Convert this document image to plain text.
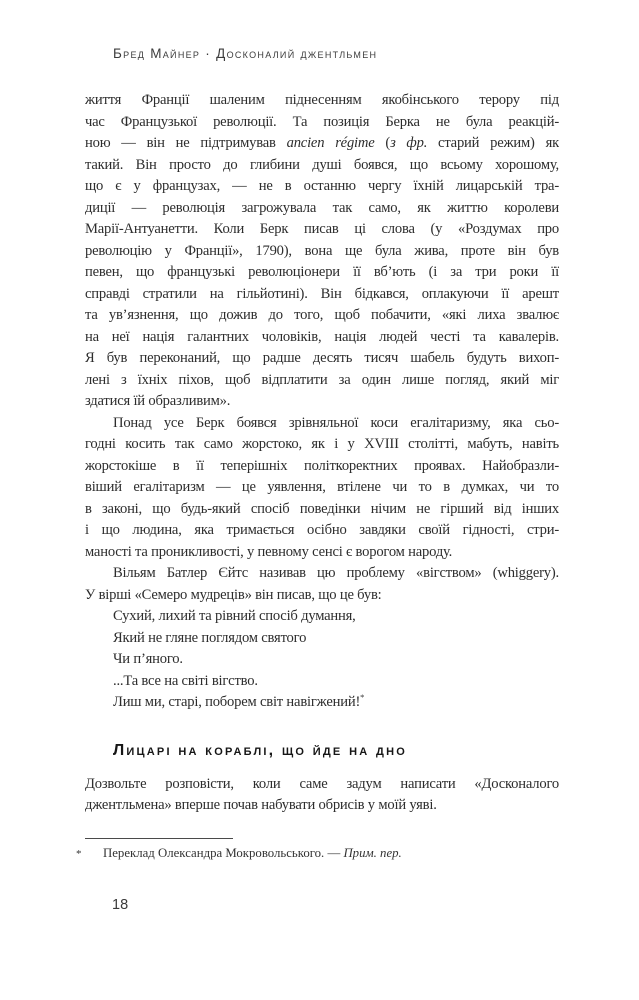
Бред Майнер · Досконалий джентльмен
життя Франції шаленим піднесенням якобінського терору під
час Французької революції. Та позиція Берка не була реакцій-
ною — він не підтримував ancien régime (з фр. старий режим) як
такий. Він просто до глибини душі боявся, що всьому хорошому,
що є у французах, — не в останню чергу їхній лицарській тра-
диції — революція загрожувала так само, як життю королеви
Марії-Антуанетти. Коли Берк писав ці слова (у «Роздумах про
революцію у Франції», 1790), вона ще була жива, проте він був
певен, що французькі революціонери її вб’ють (і за три роки її
справді стратили на гільйотині). Він бідкався, оплакуючи її арешт
та ув’язнення, що дожив до того, щоб побачити, «які лиха звалює
на неї нація галантних чоловіків, нація людей честі та кавалерів.
Я був переконаний, що радше десять тисяч шабель будуть вихоп-
лені з їхніх піхов, щоб відплатити за один лише погляд, який міг
здатися їй образливим».
Понад усе Берк боявся зрівняльної коси егалітаризму, яка сьо-
годні косить так само жорстоко, як і у XVIII столітті, мабуть, навіть
жорстокіше в її теперішніх політкоректних проявах. Найобразли-
віший егалітаризм — це уявлення, втілене чи то в думках, чи то
в законі, що будь-який спосіб поведінки нічим не гірший від інших
і що людина, яка тримається осібно завдяки своїй гідності, стри-
маності та проникливості, у певному сенсі є ворогом народу.
Вільям Батлер Єйтс називав цю проблему «вігством» (whiggery).
У вірші «Семеро мудреців» він писав, що це був:
Сухий, лихий та рівний спосіб думання,
Який не гляне поглядом святого
Чи п’яного.
...Та все на світі вігство.
Лиш ми, старі, поборем світ навігжений!*
Лицарі на кораблі, що йде на дно
Дозвольте розповісти, коли саме задум написати «Досконалого
джентльмена» вперше почав набувати обрисів у моїй уяві.
* Переклад Олександра Мокровольського. — Прим. пер.
18
